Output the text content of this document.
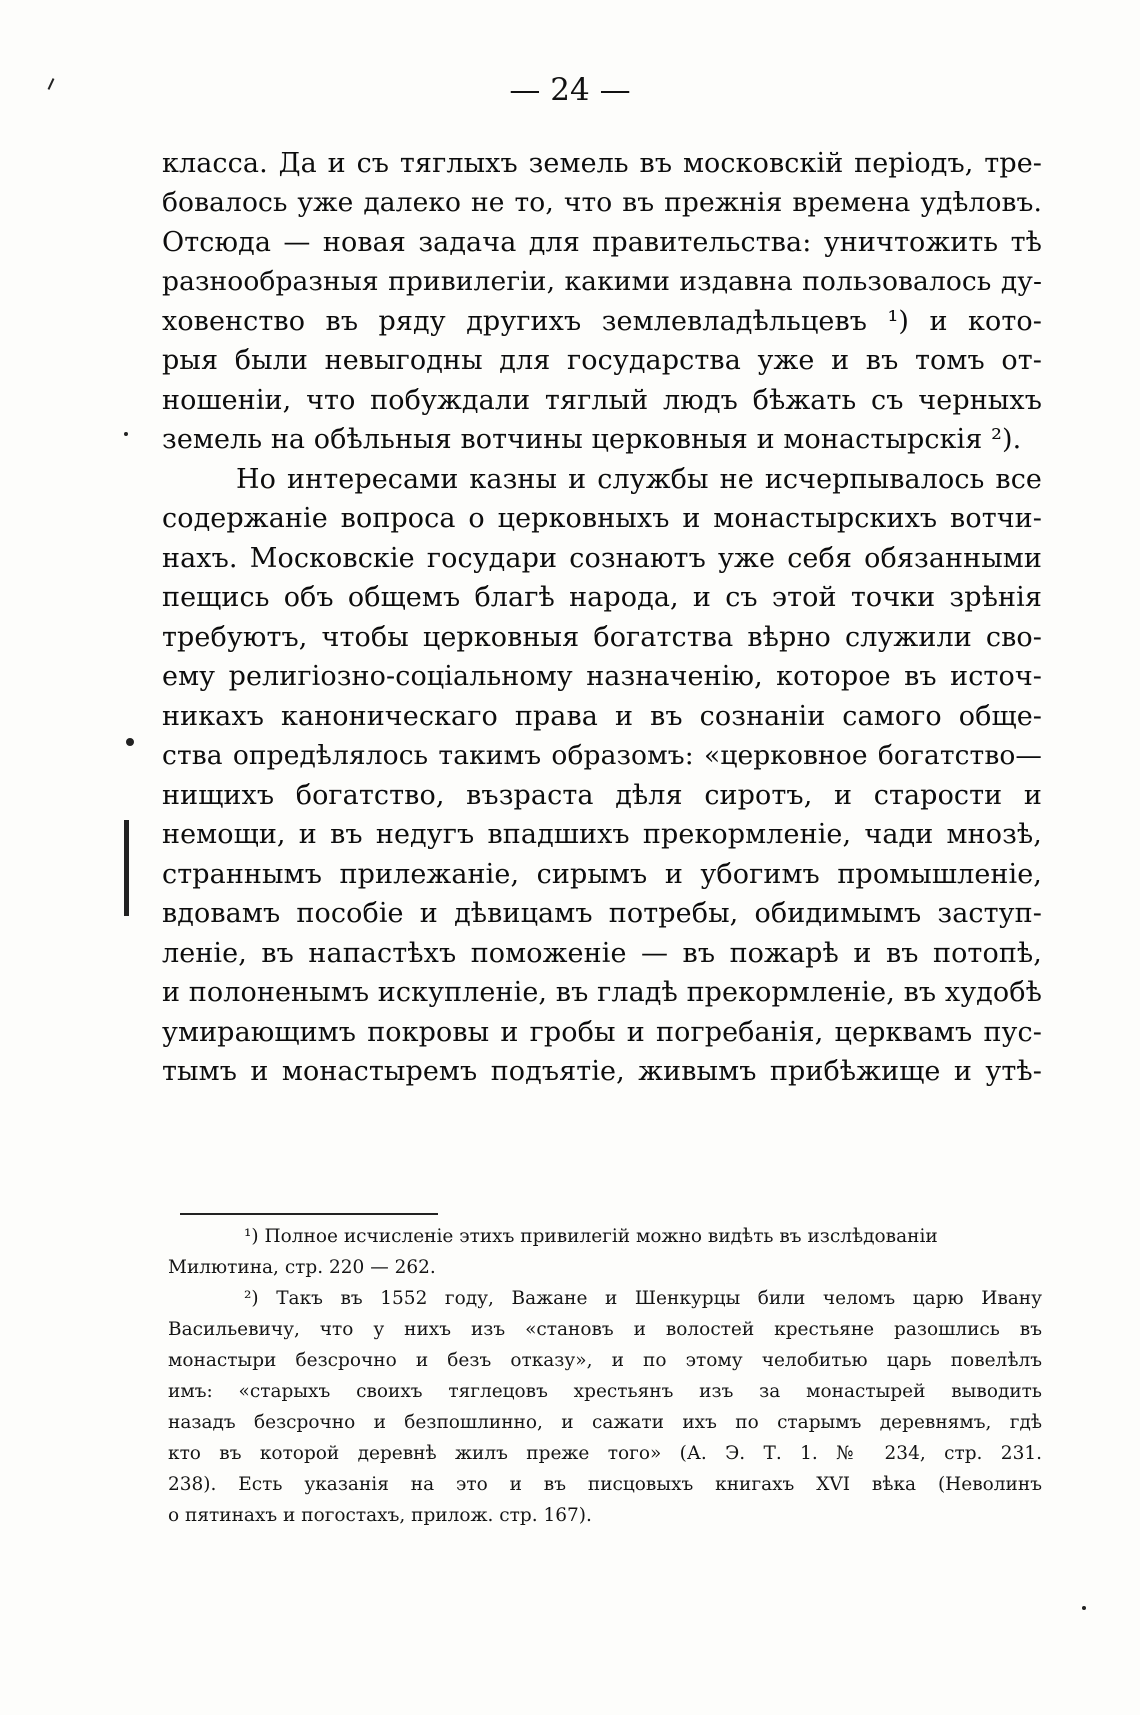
— 24 —
класса. Да и съ тяглыхъ земель въ московскій періодъ, тре-
бовалось уже далеко не то, что въ прежнія времена удѣловъ.
Отсюда — новая задача для правительства: уничтожить тѣ
разнообразныя привилегіи, какими издавна пользовалось ду-
ховенство въ ряду другихъ землевладѣльцевъ ¹) и кото-
рыя были невыгодны для государства уже и въ томъ от-
ношеніи, что побуждали тяглый людъ бѣжать съ черныхъ
земель на обѣльныя вотчины церковныя и монастырскія ²).
Но интересами казны и службы не исчерпывалось все
содержаніе вопроса о церковныхъ и монастырскихъ вотчи-
нахъ. Московскіе государи сознаютъ уже себя обязанными
пещись объ общемъ благѣ народа, и съ этой точки зрѣнія
требуютъ, чтобы церковныя богатства вѣрно служили сво-
ему религіозно-соціальному назначенію, которое въ источ-
никахъ каноническаго права и въ сознаніи самого обще-
ства опредѣлялось такимъ образомъ: «церковное богатство—
нищихъ богатство, възраста дѣля сиротъ, и старости и
немощи, и въ недугъ впадшихъ прекормленіе, чади мнозѣ,
страннымъ прилежаніе, сирымъ и убогимъ промышленіе,
вдовамъ пособіе и дѣвицамъ потребы, обидимымъ заступ-
леніе, въ напастѣхъ поможеніе — въ пожарѣ и въ потопѣ,
и полоненымъ искупленіе, въ гладѣ прекормленіе, въ худобѣ
умирающимъ покровы и гробы и погребанія, церквамъ пус-
тымъ и монастыремъ подъятіе, живымъ прибѣжище и утѣ-
¹) Полное исчисленіе этихъ привилегій можно видѣть въ изслѣдованіи
Милютина, стр. 220 — 262.
²) Такъ въ 1552 году, Важане и Шенкурцы били челомъ царю Ивану
Васильевичу, что у нихъ изъ «становъ и волостей крестьяне разошлись въ
монастыри безсрочно и безъ отказу», и по этому челобитью царь повелѣлъ
имъ: «старыхъ своихъ тяглецовъ хрестьянъ изъ за монастырей выводить
назадъ безсрочно и безпошлинно, и сажати ихъ по старымъ деревнямъ, гдѣ
кто въ которой деревнѣ жилъ преже того» (А. Э. Т. 1. № 234, стр. 231.
238). Есть указанія на это и въ писцовыхъ книгахъ XVI вѣка (Неволинъ
о пятинахъ и погостахъ, прилож. стр. 167).
